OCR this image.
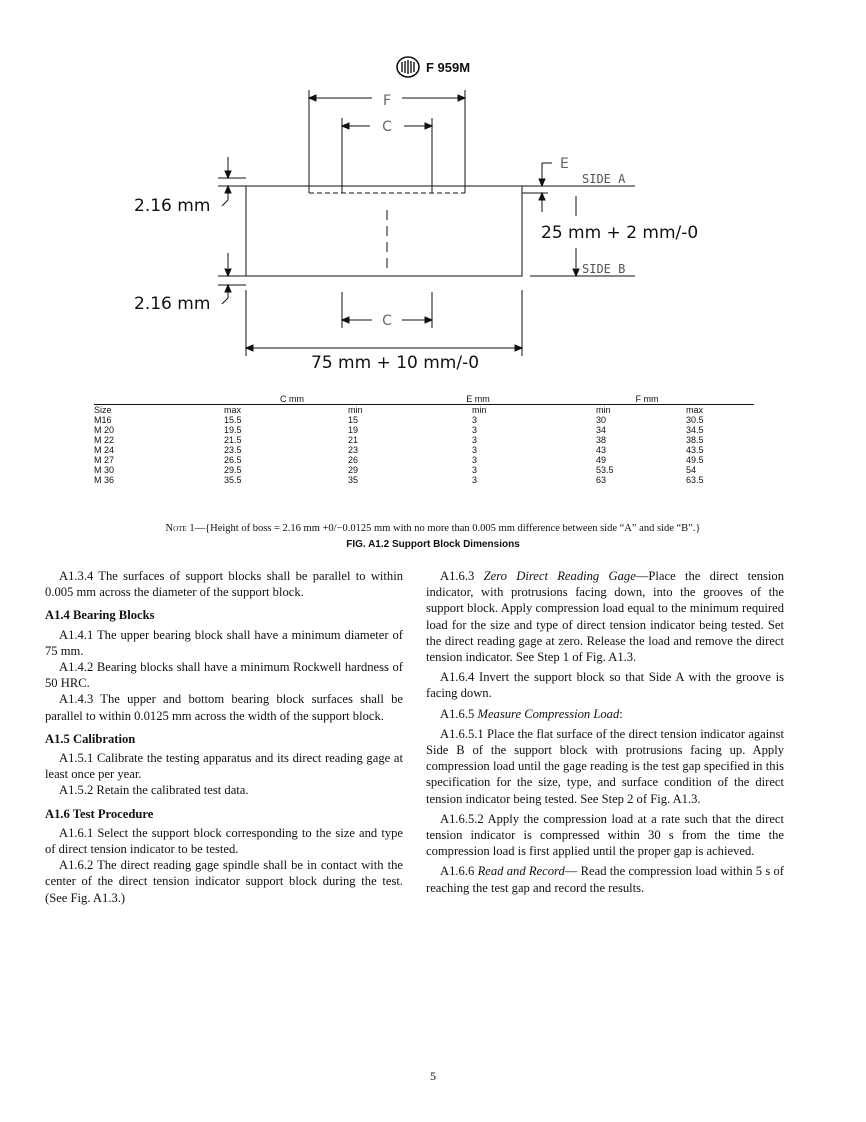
F 959M
F
C
C
E
SIDE A
SIDE B
2.16 mm
2.16 mm
25 mm + 2 mm/-0
75 mm + 10 mm/-0
	C mm		E mm	F mm	
Size	max	min	min	min	max
M16	15.5	15	3	30	30.5
M 20	19.5	19	3	34	34.5
M 22	21.5	21	3	38	38.5
M 24	23.5	23	3	43	43.5
M 27	26.5	26	3	49	49.5
M 30	29.5	29	3	53.5	54
M 36	35.5	35	3	63	63.5
Note 1—{Height of boss = 2.16 mm +0/−0.0125 mm with no more than 0.005 mm difference between side “A” and side “B”.}
FIG. A1.2 Support Block Dimensions

A1.3.4 The surfaces of support blocks shall be parallel to within 0.005 mm across the diameter of the support block.

A1.4 Bearing Blocks

A1.4.1 The upper bearing block shall have a minimum diameter of 75 mm.

A1.4.2 Bearing blocks shall have a minimum Rockwell hardness of 50 HRC.

A1.4.3 The upper and bottom bearing block surfaces shall be parallel to within 0.0125 mm across the width of the support block.

A1.5 Calibration

A1.5.1 Calibrate the testing apparatus and its direct reading gage at least once per year.

A1.5.2 Retain the calibrated test data.

A1.6 Test Procedure

A1.6.1 Select the support block corresponding to the size and type of direct tension indicator to be tested.

A1.6.2 The direct reading gage spindle shall be in contact with the center of the direct tension indicator support block during the test. (See Fig. A1.3.)

A1.6.3 Zero Direct Reading Gage—Place the direct tension indicator, with protrusions facing down, into the grooves of the support block. Apply compression load equal to the minimum required load for the size and type of direct tension indicator being tested. Set the direct reading gage at zero. Release the load and remove the direct tension indicator. See Step 1 of Fig. A1.3.

A1.6.4 Invert the support block so that Side A with the groove is facing down.

A1.6.5 Measure Compression Load:

A1.6.5.1 Place the flat surface of the direct tension indicator against Side B of the support block with protrusions facing up. Apply compression load until the gage reading is the test gap specified in this specification for the size, type, and surface condition of the direct tension indicator being tested. See Step 2 of Fig. A1.3.

A1.6.5.2 Apply the compression load at a rate such that the direct tension indicator is compressed within 30 s from the time the compression load is first applied until the proper gap is achieved.

A1.6.6 Read and Record— Read the compression load within 5 s of reaching the test gap and record the results.

5
